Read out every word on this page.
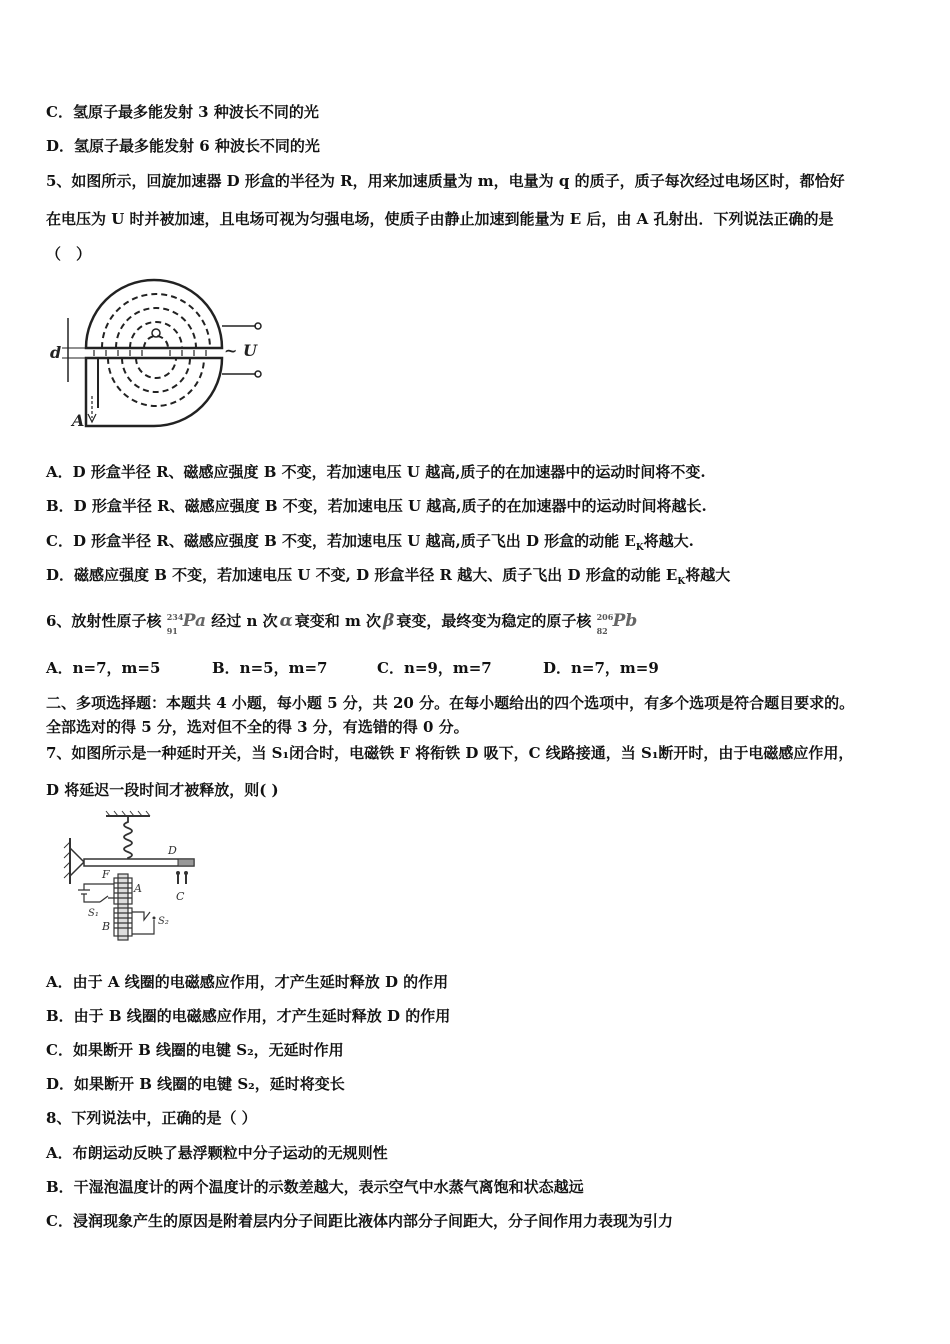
C．氢原子最多能发射 3 种波长不同的光
D．氢原子最多能发射 6 种波长不同的光
5、如图所示，回旋加速器 D 形盒的半径为 R，用来加速质量为 m，电量为 q 的质子，质子每次经过电场区时，都恰好
在电压为 U 时并被加速，且电场可视为匀强电场，使质子由静止加速到能量为 E 后，由 A 孔射出．下列说法正确的是
（　）
d	~ U
A
A．D 形盒半径 R、磁感应强度 B 不变，若加速电压 U 越高,质子的在加速器中的运动时间将不变.
B．D 形盒半径 R、磁感应强度 B 不变，若加速电压 U 越高,质子的在加速器中的运动时间将越长.
C．D 形盒半径 R、磁感应强度 B 不变，若加速电压 U 越高,质子飞出 D 形盒的动能 $E_K$将越大.
D．磁感应强度 B 不变，若加速电压 U 不变, D 形盒半径 R 越大、质子飞出 D 形盒的动能 $E_K$将越大
6、放射性原子核 234
91 Pa 经过 n 次 α 衰变和 m 次 β 衰变，最终变为稳定的原子核 206
82 Pb
A．n=7，m=5	B．n=5，m=7	C．n=9，m=7	D．n=7，m=9
二、多项选择题：本题共 4 小题，每小题 5 分，共 20 分。在每小题给出的四个选项中，有多个选项是符合题目要求的。
全部选对的得 5 分，选对但不全的得 3 分，有选错的得 0 分。
7、如图所示是一种延时开关，当 S₁闭合时，电磁铁 F 将衔铁 D 吸下，C 线路接通，当 S₁断开时，由于电磁感应作用，
D 将延迟一段时间才被释放，则( )
D
C
F
A
B
S₁
S₂
A．由于 A 线圈的电磁感应作用，才产生延时释放 D 的作用
B．由于 B 线圈的电磁感应作用，才产生延时释放 D 的作用
C．如果断开 B 线圈的电键 S₂，无延时作用
D．如果断开 B 线圈的电键 S₂，延时将变长
8、下列说法中，正确的是（ ）
A．布朗运动反映了悬浮颗粒中分子运动的无规则性
B．干湿泡温度计的两个温度计的示数差越大，表示空气中水蒸气离饱和状态越远
C．浸润现象产生的原因是附着层内分子间距比液体内部分子间距大，分子间作用力表现为引力
